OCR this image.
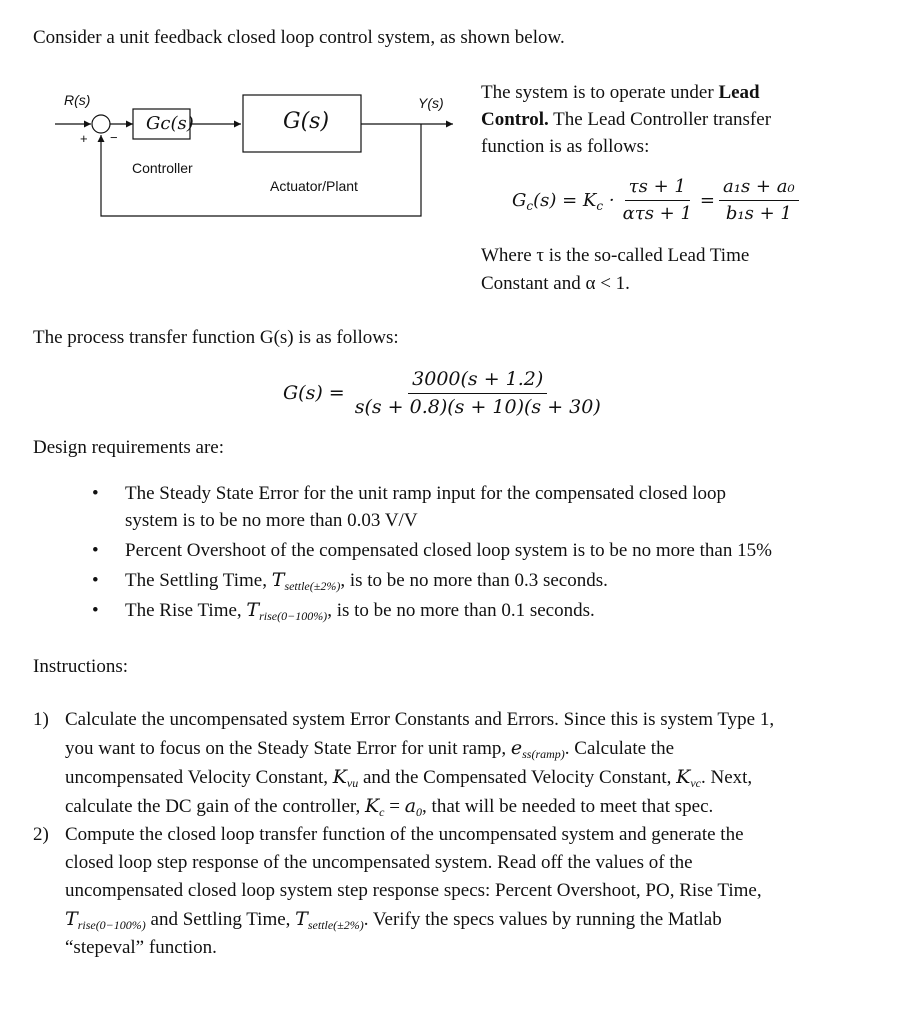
Consider a unit feedback closed loop control system, as shown below.
R(s)	Y(s)
+ −
Gc(s)	G(s)
Controller
Actuator/Plant
The system is to operate under Lead
Control. The Lead Controller transfer
function is as follows:
$G_c(s) = K_c \cdot \frac{\tau s + 1}{\text{ατs + 1}} = \frac{\text{a₁s + a₀}}{\text{b₁s + 1}}$
Where τ is the so-called Lead Time
Constant and α < 1.
The process transfer function G(s) is as follows:
$G(s) = \frac{3000(s + 1.2)}{s(s + 0.8)(s + 10)(s + 30)}$
Design requirements are:
• The Steady State Error for the unit ramp input for the compensated closed loop
system is to be no more than 0.03 V/V
• Percent Overshoot of the compensated closed loop system is to be no more than 15%
• The Settling Time, $T_{settle(\pm 2\%)}$, is to be no more than 0.3 seconds.
• The Rise Time, $T_{rise(0-100\%)}$, is to be no more than 0.1 seconds.
Instructions:
1) Calculate the uncompensated system Error Constants and Errors. Since this is system Type 1,
you want to focus on the Steady State Error for unit ramp, $e_{ss(ramp)}$. Calculate the
uncompensated Velocity Constant, $K_{vu}$ and the Compensated Velocity Constant, $K_{vc}$. Next,
calculate the DC gain of the controller, $K_c = a_0$, that will be needed to meet that spec.
2) Compute the closed loop transfer function of the uncompensated system and generate the
closed loop step response of the uncompensated system. Read off the values of the
uncompensated closed loop system step response specs: Percent Overshoot, PO, Rise Time,
$T_{rise(0-100\%)}$ and Settling Time, $T_{settle(\pm 2\%)}$. Verify the specs values by running the Matlab
“stepeval” function.
